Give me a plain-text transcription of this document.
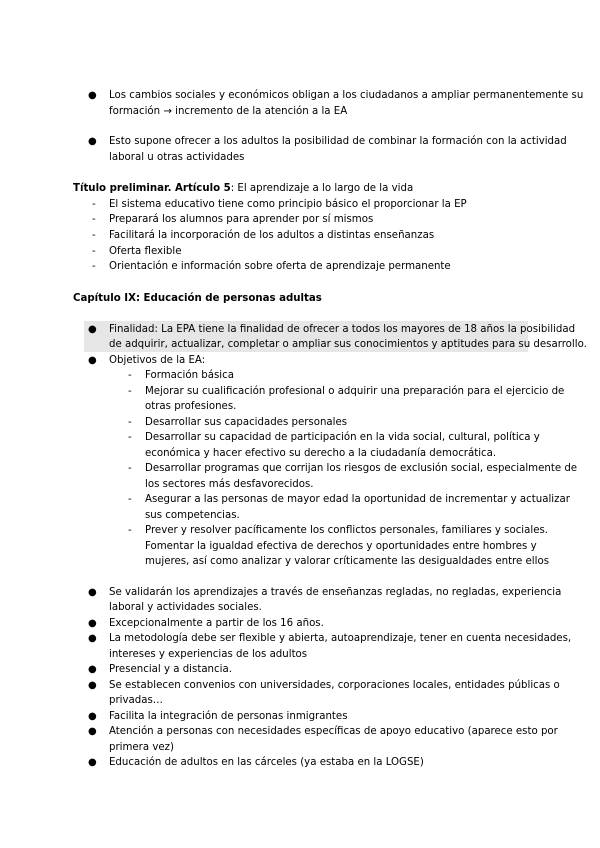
● Los cambios sociales y económicos obligan a los ciudadanos a ampliar permanentemente su
formación → incremento de la atención a la EA
● Esto supone ofrecer a los adultos la posibilidad de combinar la formación con la actividad
laboral u otras actividades
Título preliminar. Artículo 5: El aprendizaje a lo largo de la vida
- El sistema educativo tiene como principio básico el proporcionar la EP
- Preparará los alumnos para aprender por sí mismos
- Facilitará la incorporación de los adultos a distintas enseñanzas
- Oferta flexible
- Orientación e información sobre oferta de aprendizaje permanente
Capítulo IX: Educación de personas adultas
● Finalidad: La EPA tiene la finalidad de ofrecer a todos los mayores de 18 años la posibilidad
de adquirir, actualizar, completar o ampliar sus conocimientos y aptitudes para su desarrollo.
● Objetivos de la EA:
- Formación básica
- Mejorar su cualificación profesional o adquirir una preparación para el ejercicio de
otras profesiones.
- Desarrollar sus capacidades personales
- Desarrollar su capacidad de participación en la vida social, cultural, política y
económica y hacer efectivo su derecho a la ciudadanía democrática.
- Desarrollar programas que corrijan los riesgos de exclusión social, especialmente de
los sectores más desfavorecidos.
- Asegurar a las personas de mayor edad la oportunidad de incrementar y actualizar
sus competencias.
- Prever y resolver pacíficamente los conflictos personales, familiares y sociales.
Fomentar la igualdad efectiva de derechos y oportunidades entre hombres y
mujeres, así como analizar y valorar críticamente las desigualdades entre ellos
● Se validarán los aprendizajes a través de enseñanzas regladas, no regladas, experiencia
laboral y actividades sociales.
● Excepcionalmente a partir de los 16 años.
● La metodología debe ser flexible y abierta, autoaprendizaje, tener en cuenta necesidades,
intereses y experiencias de los adultos
● Presencial y a distancia.
● Se establecen convenios con universidades, corporaciones locales, entidades públicas o
privadas…
● Facilita la integración de personas inmigrantes
● Atención a personas con necesidades específicas de apoyo educativo (aparece esto por
primera vez)
● Educación de adultos en las cárceles (ya estaba en la LOGSE)
